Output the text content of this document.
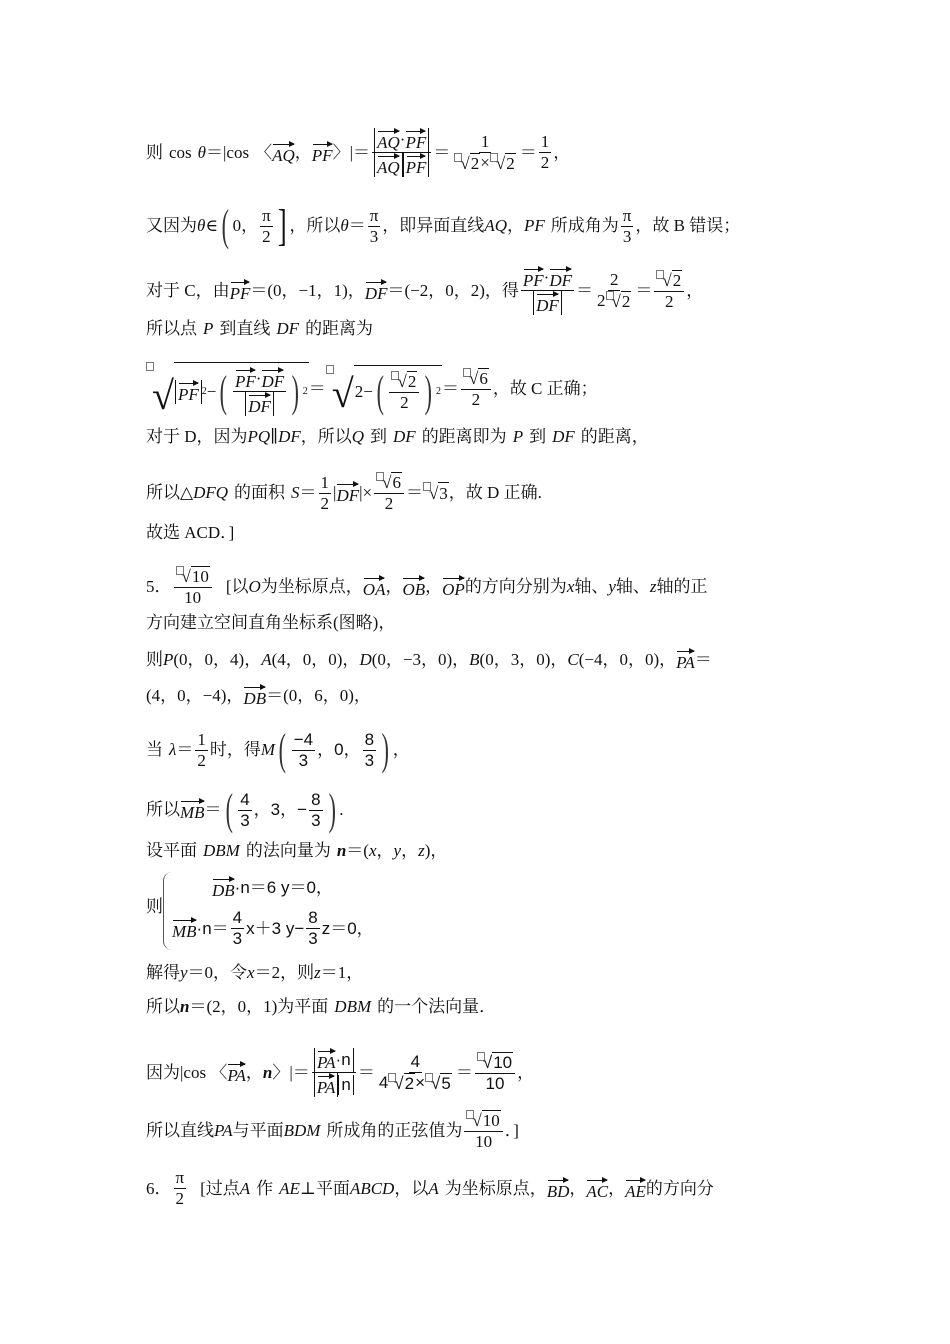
则 cos θ ＝ |cos 〈 AQ ， PF 〉 | ＝ $\frac{AQ \cdot PF}{\text{AQ PF}} = \frac{1}{√ 2 \times √ 2} = \frac{1}{2}$ ，
又因为 θ ∈ ( 0 ， $\frac{\pi}{2}$ ] ，所以 $\theta = \frac{\pi}{3}$ ，即异面直线 AQ ， PF 所成角为 $\frac{\pi}{3}$ ，故 B 错误；
对于 C，由 PF ＝(0，−1，1)， DF ＝(−2，0，2)，得 $\frac{PF \cdot DF}{DF} = \frac{2}{2 √ 2} = \frac{√ 2}{2}$ ，
所以点 P 到直线 DF 的距离为
√ PF 2 − ( $\frac{PF \cdot DF}{DF}$ ) 2 ＝ √ 2 − ( $\frac{√ 2}{2}$ ) $2 = \frac{√ 6}{2}$ ，故 C 正确；
对于 D，因为 PQ ∥ DF ，所以 Q 到 DF 的距离即为 P 到 DF 的距离，
所以△ DFQ 的面积 $S = \frac{1}{2}$ | DF | × $\frac{√ 6}{2}$ ＝ √ 3 ，故 D 正确.
故选 ACD．]
5． $\frac{√ 10}{10}$ [以 O 为坐标原点， OA ， OB ， OP 的方向分别为 x 轴、 y 轴、 z 轴的正
方向建立空间直角坐标系(图略)，
则 P (0，0，4)， A (4，0，0)， D (0，−3，0)， B (0，3，0)， C (−4，0，0)， PA ＝
(4，0，−4)， DB ＝(0，6，0)，
当 $\lambda = \frac{1}{2}$ 时，得 M ( $\frac{-4}{3}$ ， 0 ， $\frac{8}{3}$ ) ，
所以 MB ＝ ( $\frac{4}{3}$ ， 3 ， − $\frac{8}{3}$ ) .
设平面 DBM 的法向量为 n ＝( x ， y ， z )，
则
DB ·n＝6 y＝0，
MB $\cdot n= \frac{4}{3} x+3$ $y- \frac{8}{3} z=0$，
解得 y ＝0，令 x ＝2，则 z ＝1，
所以 n ＝(2，0，1)为平面 DBM 的一个法向量．
因为|cos 〈 PA ， n 〉|＝ $\frac{PA \cdot n}{\text{PA n}} = \frac{4}{4 √ 2 \times √ 5} = \frac{√ 10}{10}$ ，
所以直线 PA 与平面 BDM 所成角的正弦值为 $\frac{√ 10}{10}$ ．]
6． $\frac{\pi}{2}$ [过点 A 作 AE ⊥平面 ABCD ，以 A 为坐标原点， BD ， AC ， AE 的方向分
